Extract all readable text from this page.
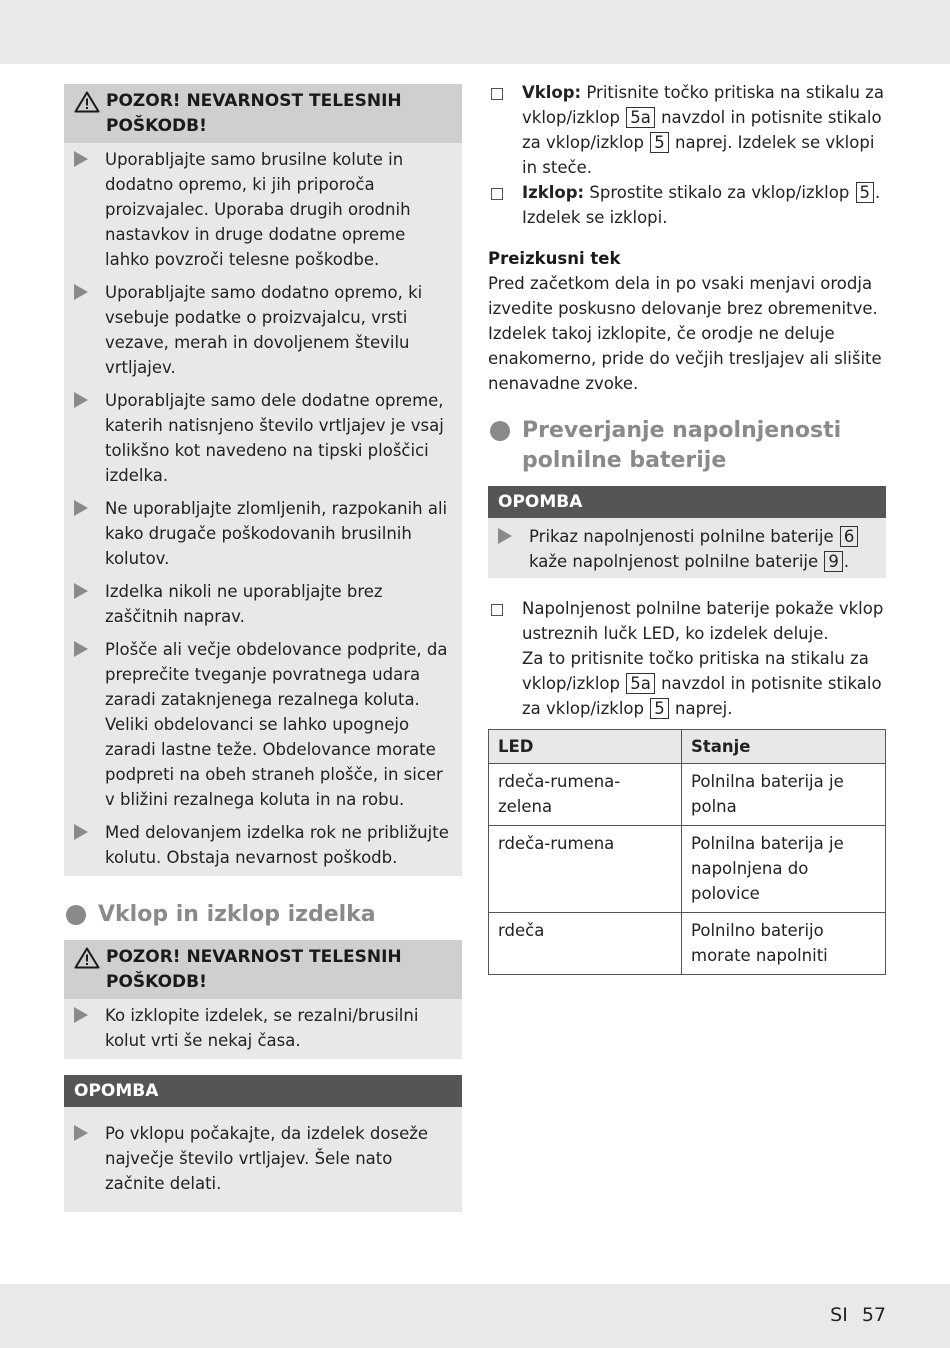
POZOR! NEVARNOST TELESNIH POŠKODB!
Uporabljajte samo brusilne kolute in dodatno opremo, ki jih priporoča proizvajalec. Uporaba drugih orodnih nastavkov in druge dodatne opreme lahko povzroči telesne poškodbe.
Uporabljajte samo dodatno opremo, ki vsebuje podatke o proizvajalcu, vrsti vezave, merah in dovoljenem številu vrtljajev.
Uporabljajte samo dele dodatne opreme, katerih natisnjeno število vrtljajev je vsaj tolikšno kot navedeno na tipski ploščici izdelka.
Ne uporabljajte zlomljenih, razpokanih ali kako drugače poškodovanih brusilnih kolutov.
Izdelka nikoli ne uporabljajte brez zaščitnih naprav.
Plošče ali večje obdelovance podprite, da preprečite tveganje povratnega udara zaradi zataknjenega rezalnega koluta. Veliki obdelovanci se lahko upognejo zaradi lastne teže. Obdelovance morate podpreti na obeh straneh plošče, in sicer v bližini rezalnega koluta in na robu.
Med delovanjem izdelka rok ne približujte kolutu. Obstaja nevarnost poškodb.
Vklop in izklop izdelka
POZOR! NEVARNOST TELESNIH POŠKODB!
Ko izklopite izdelek, se rezalni/brusilni kolut vrti še nekaj časa.
OPOMBA
Po vklopu počakajte, da izdelek doseže največje število vrtljajev. Šele nato začnite delati.
Vklop: Pritisnite točko pritiska na stikalu za vklop/izklop 5a navzdol in potisnite stikalo za vklop/izklop 5 naprej. Izdelek se vklopi in steče.
Izklop: Sprostite stikalo za vklop/izklop 5 . Izdelek se izklopi.
Preizkusni tek
Pred začetkom dela in po vsaki menjavi orodja izvedite poskusno delovanje brez obremenitve. Izdelek takoj izklopite, če orodje ne deluje enakomerno, pride do večjih tresljajev ali slišite nenavadne zvoke.
Preverjanje napolnjenosti polnilne baterije
OPOMBA
Prikaz napolnjenosti polnilne baterije 6 kaže napolnjenost polnilne baterije 9 .
Napolnjenost polnilne baterije pokaže vklop ustreznih lučk LED, ko izdelek deluje.
Za to pritisnite točko pritiska na stikalu za vklop/izklop 5a navzdol in potisnite stikalo za vklop/izklop 5 naprej.
LED	Stanje
rdeča-rumena-zelena	Polnilna baterija je polna
rdeča-rumena	Polnilna baterija je napolnjena do polovice
rdeča	Polnilno baterijo morate napolniti
SI 57
